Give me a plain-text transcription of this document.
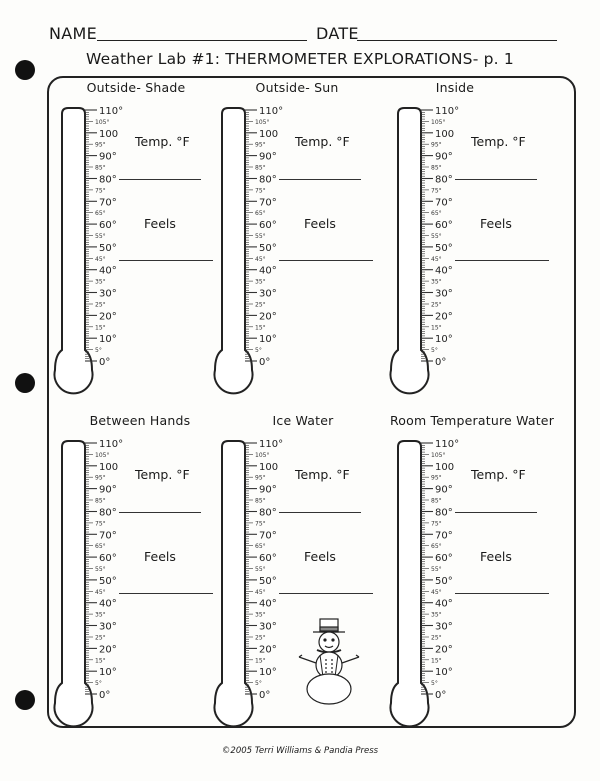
NAME	DATE
Weather Lab #1: THERMOMETER EXPLORATIONS- p. 1
Outside- Shade
110°
100
90°
80°
70°
60°
50°
40°
30°
20°
10°
0°
105°
95°
85°
75°
65°
55°
45°
35°
25°
15°
5°
Temp. °F
Feels
Outside- Sun
110°
100
90°
80°
70°
60°
50°
40°
30°
20°
10°
0°
105°
95°
85°
75°
65°
55°
45°
35°
25°
15°
5°
Temp. °F
Feels
Inside
110°
100
90°
80°
70°
60°
50°
40°
30°
20°
10°
0°
105°
95°
85°
75°
65°
55°
45°
35°
25°
15°
5°
Temp. °F
Feels
Between Hands
110°
100
90°
80°
70°
60°
50°
40°
30°
20°
10°
0°
105°
95°
85°
75°
65°
55°
45°
35°
25°
15°
5°
Temp. °F
Feels
Ice Water
110°
100
90°
80°
70°
60°
50°
40°
30°
20°
10°
0°
105°
95°
85°
75°
65°
55°
45°
35°
25°
15°
5°
Temp. °F
Feels
Room Temperature Water
110°
100
90°
80°
70°
60°
50°
40°
30°
20°
10°
0°
105°
95°
85°
75°
65°
55°
45°
35°
25°
15°
5°
Temp. °F
Feels
©2005 Terri Williams & Pandia Press
